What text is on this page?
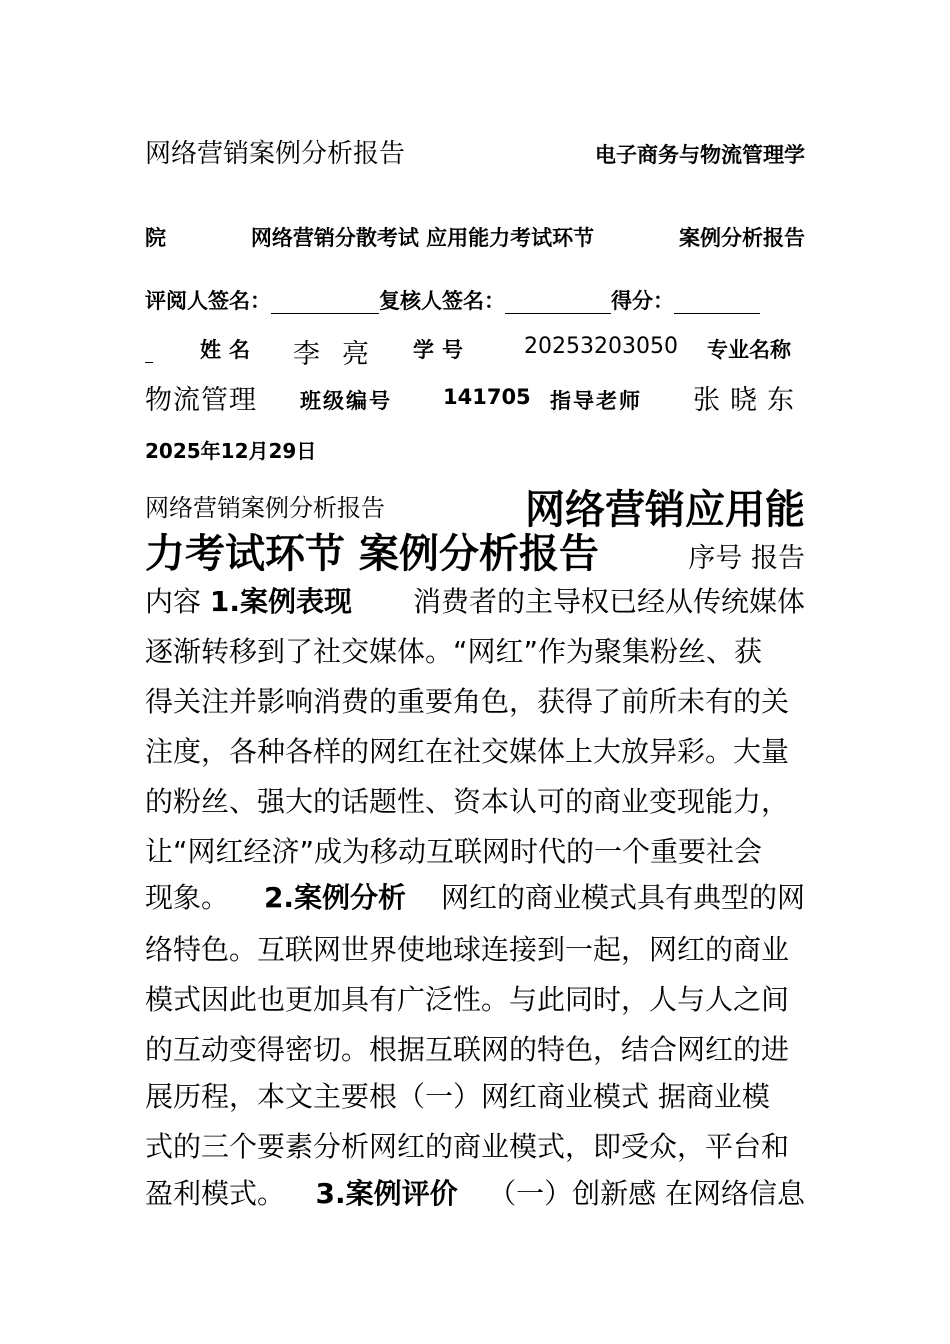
网络营销案例分析报告	电子商务与物流管理学
院	网络营销分散考试 应用能力考试环节	案例分析报告
评阅人签名：	复核人签名：	得分：

姓名 李亮 学号 20253203050 专业名称
物流管理 班级编号 141705 指导老师 张晓东
2025年12月29日
网络营销案例分析报告	网络营销应用能
力考试环节 案例分析报告	序号 报告
内容 1.案例表现 消费者的主导权已经从传统媒体
逐渐转移到了社交媒体。“网红”作为聚集粉丝、获
得关注并影响消费的重要角色，获得了前所未有的关
注度，各种各样的网红在社交媒体上大放异彩。大量
的粉丝、强大的话题性、资本认可的商业变现能力，
让“网红经济”成为移动互联网时代的一个重要社会
现象。 2.案例分析 网红的商业模式具有典型的网
络特色。互联网世界使地球连接到一起，网红的商业
模式因此也更加具有广泛性。与此同时，人与人之间
的互动变得密切。根据互联网的特色，结合网红的进
展历程，本文主要根（一）网红商业模式 据商业模
式的三个要素分析网红的商业模式，即受众，平台和
盈利模式。 3.案例评价 （一）创新感 在网络信息
